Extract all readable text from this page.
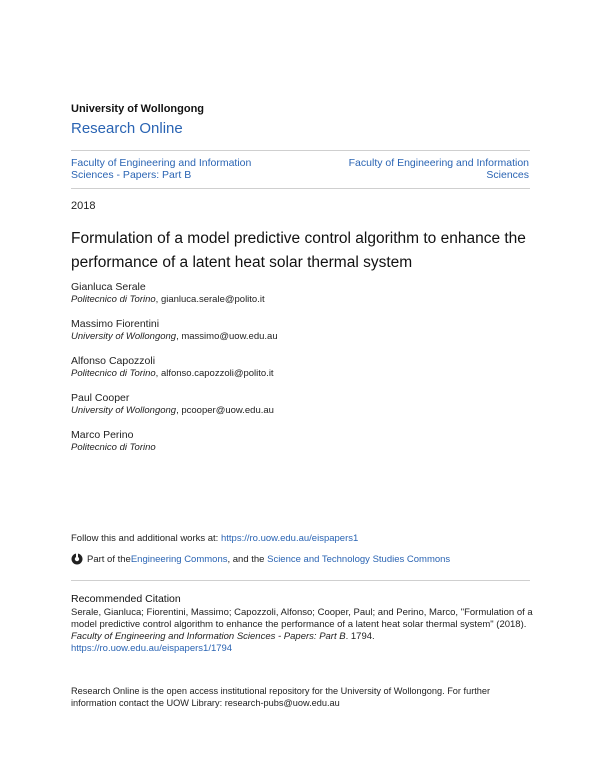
University of Wollongong
Research Online
Faculty of Engineering and Information Sciences - Papers: Part B
Faculty of Engineering and Information Sciences
2018
Formulation of a model predictive control algorithm to enhance the performance of a latent heat solar thermal system
Gianluca Serale
Politecnico di Torino, gianluca.serale@polito.it
Massimo Fiorentini
University of Wollongong, massimo@uow.edu.au
Alfonso Capozzoli
Politecnico di Torino, alfonso.capozzoli@polito.it
Paul Cooper
University of Wollongong, pcooper@uow.edu.au
Marco Perino
Politecnico di Torino
Follow this and additional works at: https://ro.uow.edu.au/eispapers1
Part of the Engineering Commons , and the Science and Technology Studies Commons
Recommended Citation
Serale, Gianluca; Fiorentini, Massimo; Capozzoli, Alfonso; Cooper, Paul; and Perino, Marco, "Formulation of a model predictive control algorithm to enhance the performance of a latent heat solar thermal system" (2018). Faculty of Engineering and Information Sciences - Papers: Part B. 1794.
https://ro.uow.edu.au/eispapers1/1794
Research Online is the open access institutional repository for the University of Wollongong. For further information contact the UOW Library: research-pubs@uow.edu.au
